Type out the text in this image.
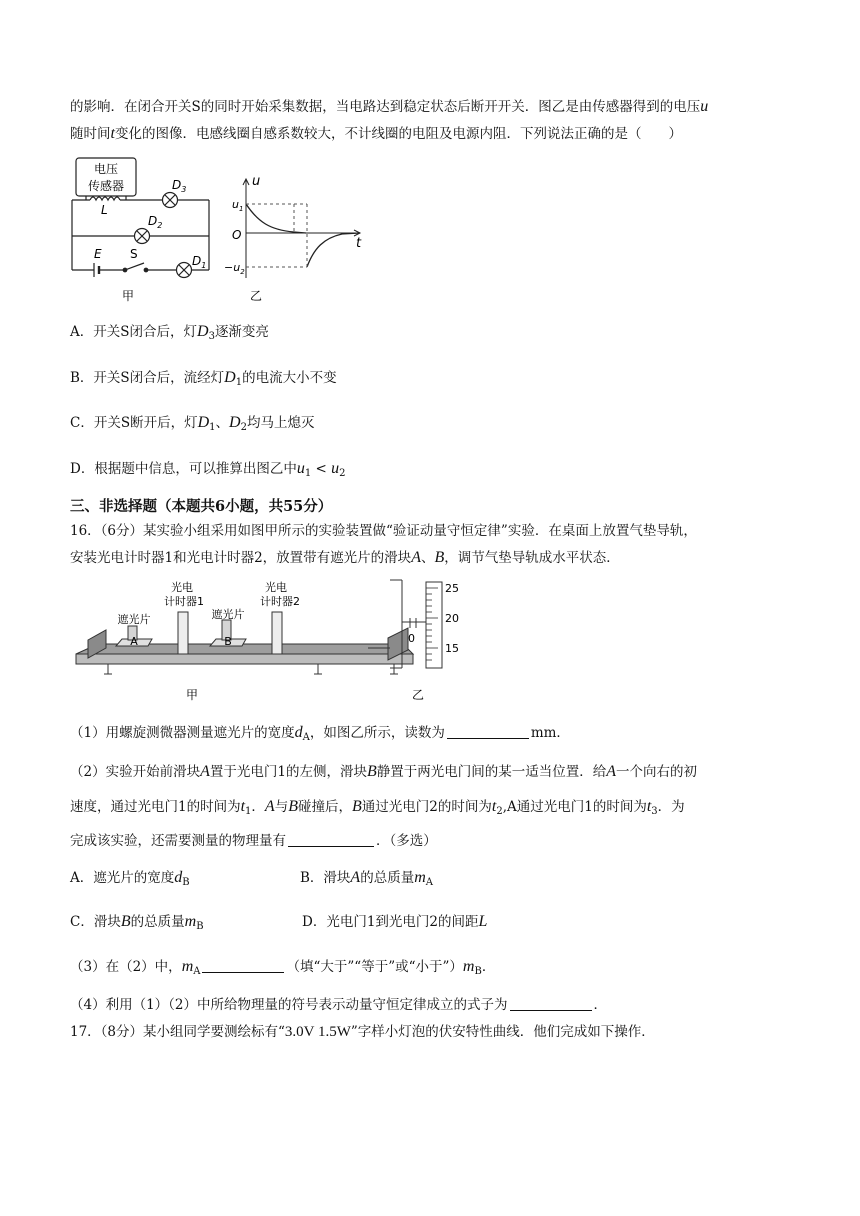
的影响．在闭合开关S的同时开始采集数据，当电路达到稳定状态后断开开关．图乙是由传感器得到的电压u
随时间t变化的图像．电感线圈自感系数较大，不计线圈的电阻及电源内阻．下列说法正确的是（　　）
电压
传感器
L
$D_3$
$D_2$
$D_1$
E S
甲
u
t
$u_1$
O
$-u_2$
乙
A．开关S闭合后，灯$D_3$逐渐变亮
B．开关S闭合后，流经灯$D_1$的电流大小不变
C．开关S断开后，灯$D_1$、$D_2$均马上熄灭
D．根据题中信息，可以推算出图乙中$u_1 < u_2$
三、非选择题（本题共6小题，共55分）
16．（6分）某实验小组采用如图甲所示的实验装置做“验证动量守恒定律”实验．在桌面上放置气垫导轨，
安装光电计时器1和光电计时器2，放置带有遮光片的滑块A、B，调节气垫导轨成水平状态．
遮光片
光电
计时器1
遮光片
光电
计时器2
A	B
甲
25
20
15
0
乙
（1）用螺旋测微器测量遮光片的宽度$d_A$，如图乙所示，读数为	mm．
（2）实验开始前滑块A置于光电门1的左侧，滑块B静置于两光电门间的某一适当位置．给A一个向右的初
速度，通过光电门1的时间为$t_1$．A与B碰撞后，B通过光电门2的时间为$t_2,A$通过光电门1的时间为$t_3$．为
完成该实验，还需要测量的物理量有	．（多选）
A．遮光片的宽度$d_B$	B．滑块A的总质量$m_A$
C．滑块B的总质量$m_B$	D．光电门1到光电门2的间距L
（3）在（2）中，$m_A$	（填“大于”“等于”或“小于$”)m_B$．
（4）利用（1）（2）中所给物理量的符号表示动量守恒定律成立的式子为	．
17．（8分）某小组同学要测绘标有“3.0V 1.5W”字样小灯泡的伏安特性曲线．他们完成如下操作．
